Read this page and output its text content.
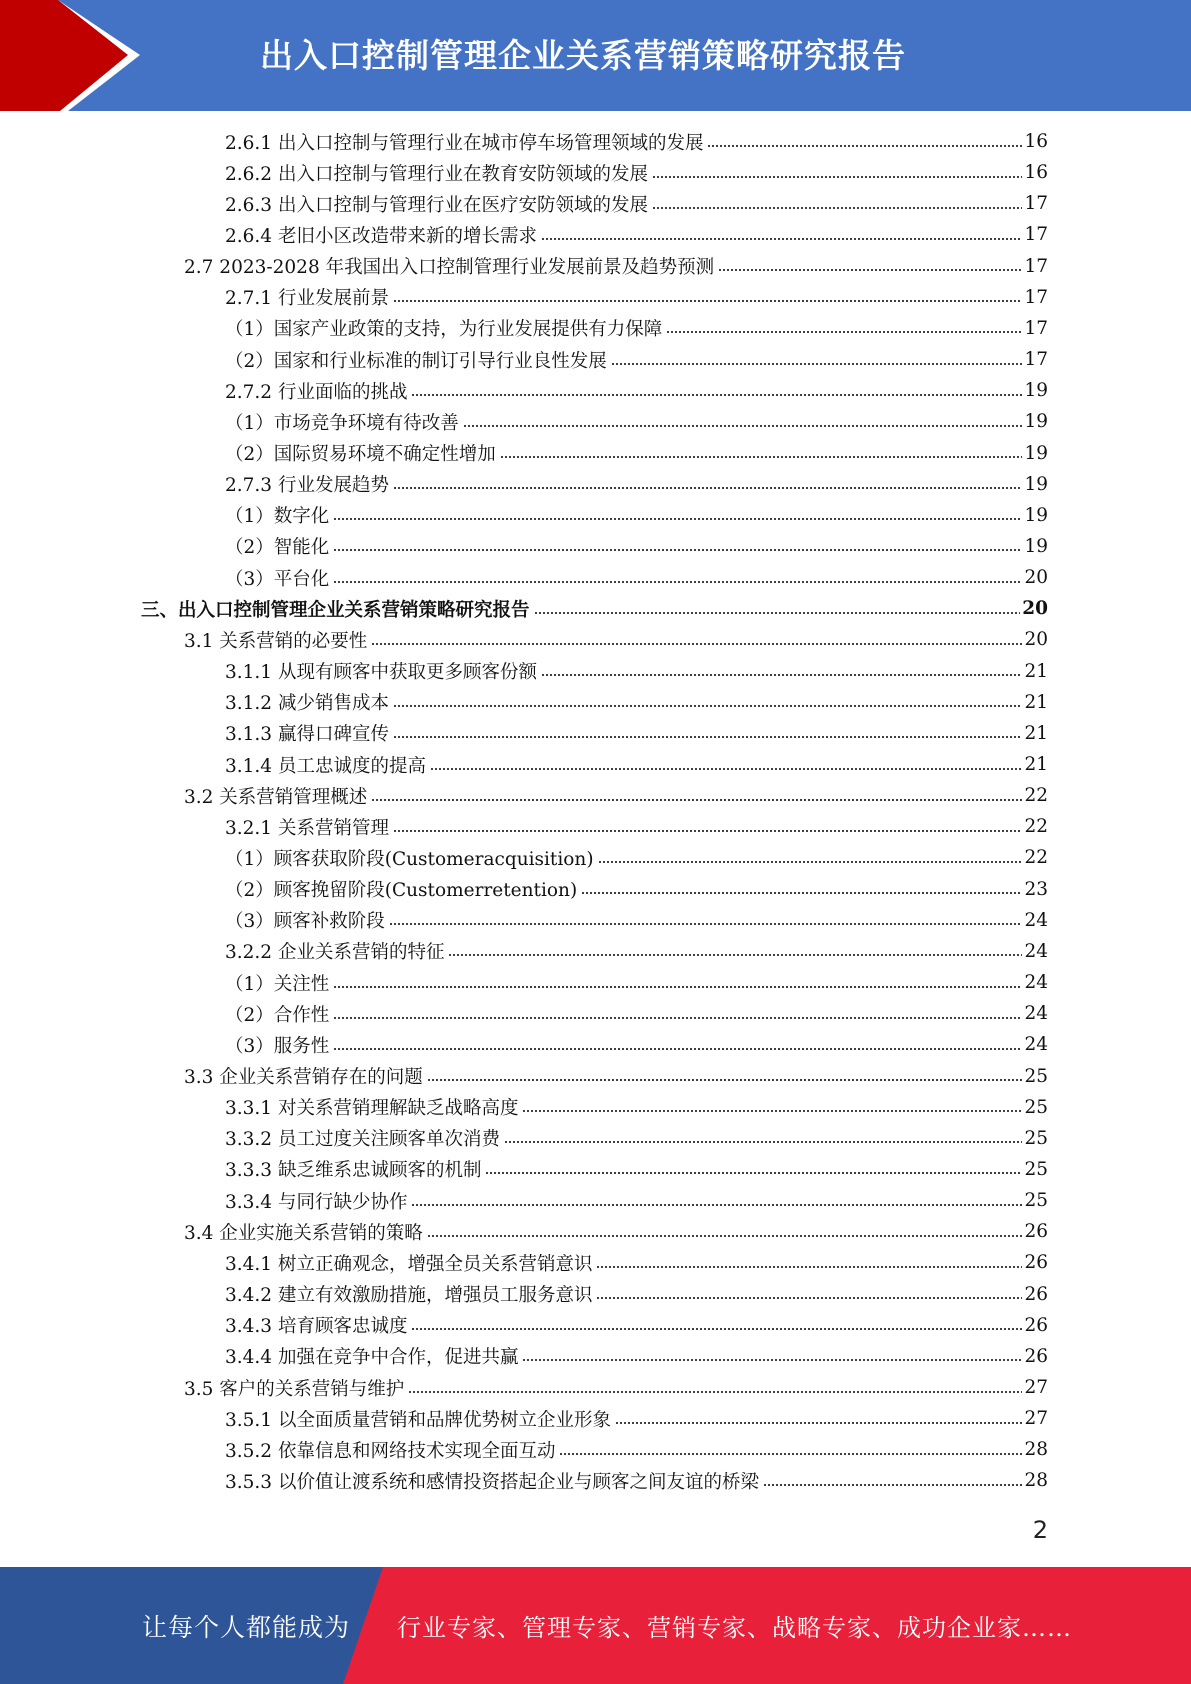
出入口控制管理企业关系营销策略研究报告
2.6.1 出入口控制与管理行业在城市停车场管理领域的发展	16
2.6.2 出入口控制与管理行业在教育安防领域的发展	16
2.6.3 出入口控制与管理行业在医疗安防领域的发展	17
2.6.4 老旧小区改造带来新的增长需求	17
2.7 2023-2028 年我国出入口控制管理行业发展前景及趋势预测	17
2.7.1 行业发展前景	17
（1）国家产业政策的支持，为行业发展提供有力保障	17
（2）国家和行业标准的制订引导行业良性发展	17
2.7.2 行业面临的挑战	19
（1）市场竞争环境有待改善	19
（2）国际贸易环境不确定性增加	19
2.7.3 行业发展趋势	19
（1）数字化	19
（2）智能化	19
（3）平台化	20
三、出入口控制管理企业关系营销策略研究报告	20
3.1 关系营销的必要性	20
3.1.1 从现有顾客中获取更多顾客份额	21
3.1.2 减少销售成本	21
3.1.3 赢得口碑宣传	21
3.1.4 员工忠诚度的提高	21
3.2 关系营销管理概述	22
3.2.1 关系营销管理	22
（1）顾客获取阶段(Customeracquisition)	22
（2）顾客挽留阶段(Customerretention)	23
（3）顾客补救阶段	24
3.2.2 企业关系营销的特征	24
（1）关注性	24
（2）合作性	24
（3）服务性	24
3.3 企业关系营销存在的问题	25
3.3.1 对关系营销理解缺乏战略高度	25
3.3.2 员工过度关注顾客单次消费	25
3.3.3 缺乏维系忠诚顾客的机制	25
3.3.4 与同行缺少协作	25
3.4 企业实施关系营销的策略	26
3.4.1 树立正确观念，增强全员关系营销意识	26
3.4.2 建立有效激励措施，增强员工服务意识	26
3.4.3 培育顾客忠诚度	26
3.4.4 加强在竞争中合作，促进共赢	26
3.5 客户的关系营销与维护	27
3.5.1 以全面质量营销和品牌优势树立企业形象	27
3.5.2 依靠信息和网络技术实现全面互动	28
3.5.3 以价值让渡系统和感情投资搭起企业与顾客之间友谊的桥梁	28
2
让每个人都能成为 行业专家、管理专家、营销专家、战略专家、成功企业家……
